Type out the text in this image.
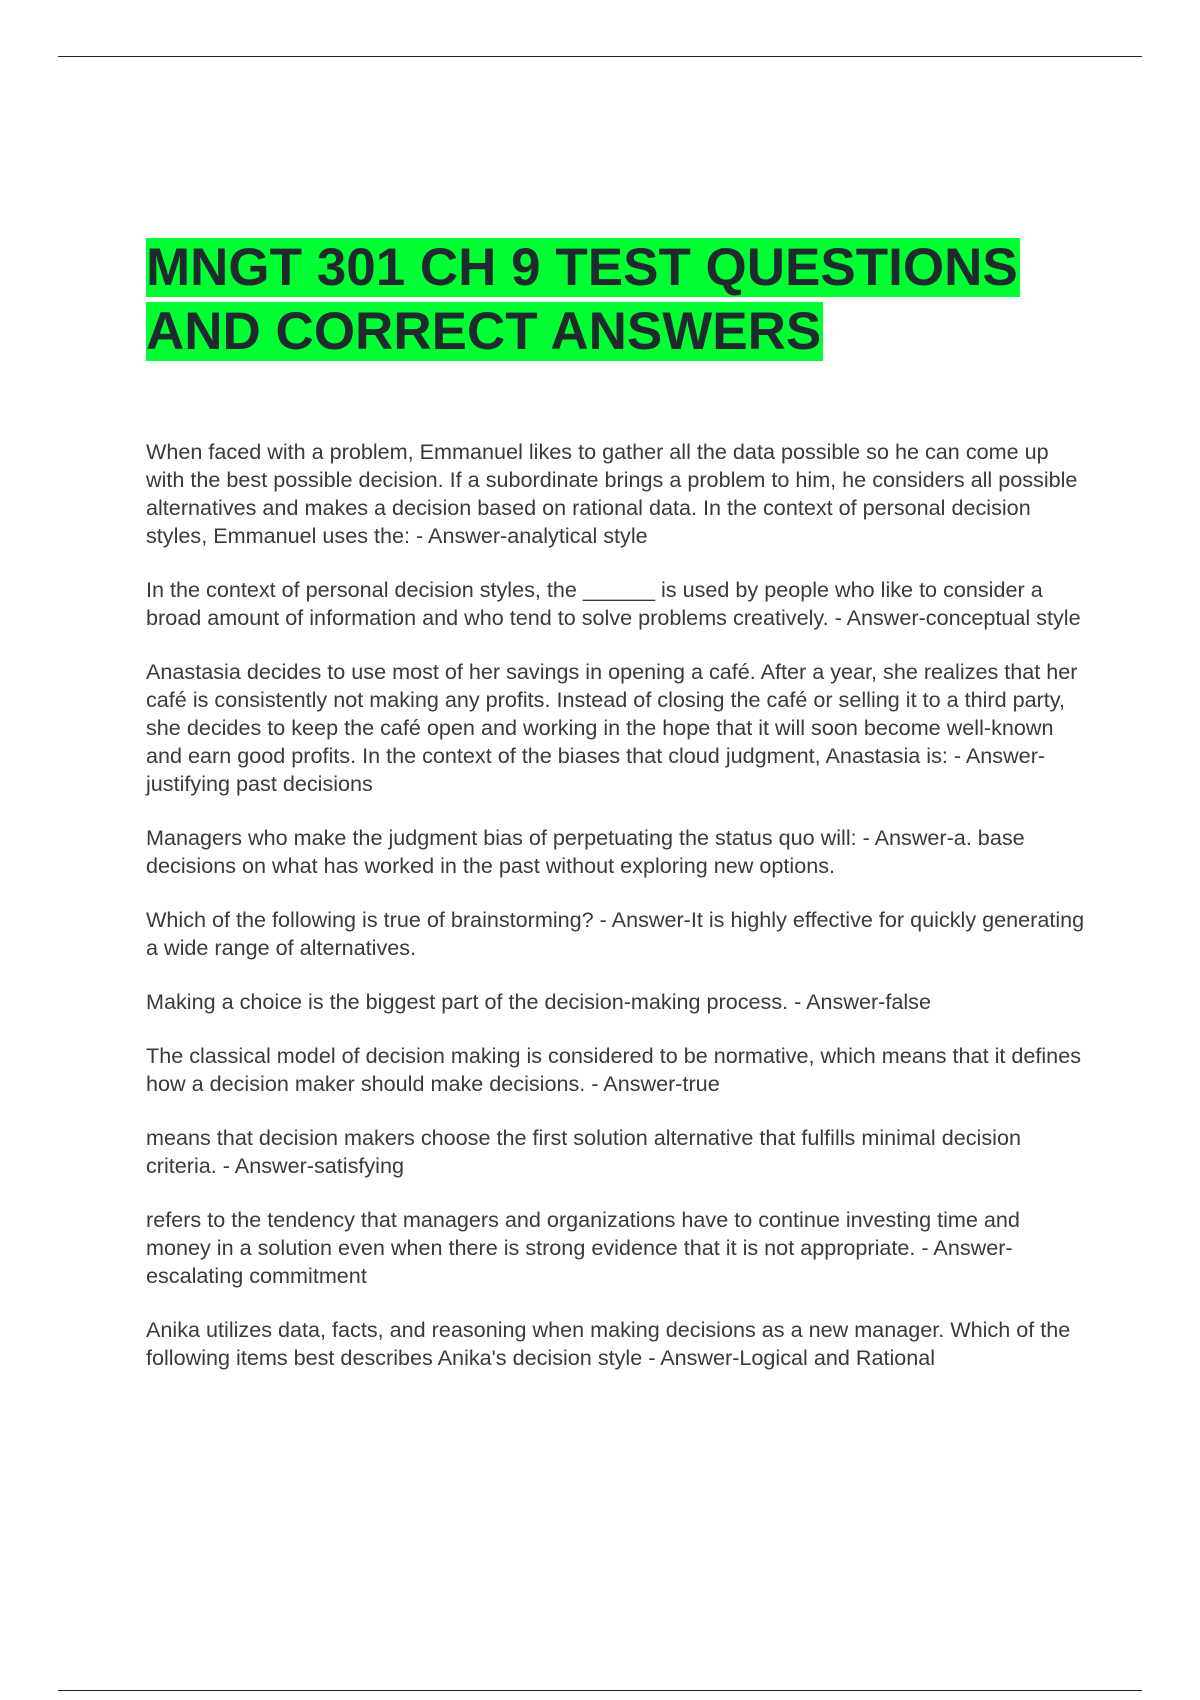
MNGT 301 CH 9 TEST QUESTIONS AND CORRECT ANSWERS

When faced with a problem, Emmanuel likes to gather all the data possible so he can come up with the best possible decision. If a subordinate brings a problem to him, he considers all possible alternatives and makes a decision based on rational data. In the context of personal decision styles, Emmanuel uses the: - Answer-analytical style

In the context of personal decision styles, the ______ is used by people who like to consider a broad amount of information and who tend to solve problems creatively. - Answer-conceptual style

Anastasia decides to use most of her savings in opening a café. After a year, she realizes that her café is consistently not making any profits. Instead of closing the café or selling it to a third party, she decides to keep the café open and working in the hope that it will soon become well-known and earn good profits. In the context of the biases that cloud judgment, Anastasia is: - Answer-justifying past decisions

Managers who make the judgment bias of perpetuating the status quo will: - Answer-a. base decisions on what has worked in the past without exploring new options.

Which of the following is true of brainstorming? - Answer-It is highly effective for quickly generating a wide range of alternatives.

Making a choice is the biggest part of the decision-making process. - Answer-false

The classical model of decision making is considered to be normative, which means that it defines how a decision maker should make decisions. - Answer-true

means that decision makers choose the first solution alternative that fulfills minimal decision criteria. - Answer-satisfying

refers to the tendency that managers and organizations have to continue investing time and money in a solution even when there is strong evidence that it is not appropriate. - Answer-escalating commitment

Anika utilizes data, facts, and reasoning when making decisions as a new manager. Which of the following items best describes Anika's decision style - Answer-Logical and Rational
